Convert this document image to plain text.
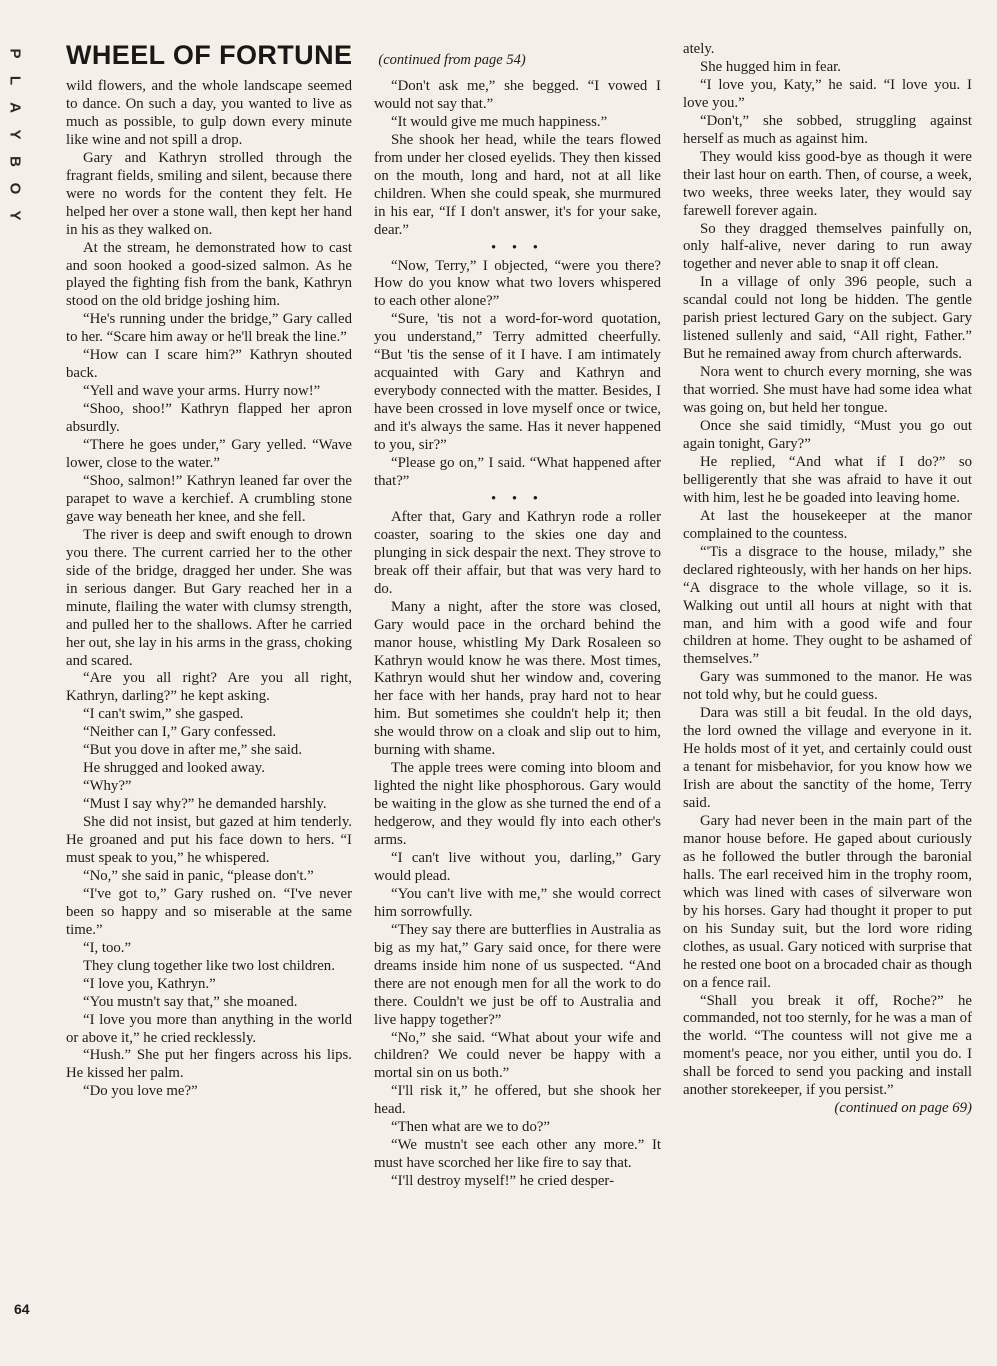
P
L
A
Y
B
O
Y
WHEEL OF FORTUNE (continued from page 54)

wild flowers, and the whole landscape seemed to dance. On such a day, you wanted to live as much as possible, to gulp down every minute like wine and not spill a drop.

Gary and Kathryn strolled through the fragrant fields, smiling and silent, because there were no words for the content they felt. He helped her over a stone wall, then kept her hand in his as they walked on.

At the stream, he demonstrated how to cast and soon hooked a good-sized salmon. As he played the fighting fish from the bank, Kathryn stood on the old bridge joshing him.

“He's running under the bridge,” Gary called to her. “Scare him away or he'll break the line.”

“How can I scare him?” Kathryn shouted back.

“Yell and wave your arms. Hurry now!”

“Shoo, shoo!” Kathryn flapped her apron absurdly.

“There he goes under,” Gary yelled. “Wave lower, close to the water.”

“Shoo, salmon!” Kathryn leaned far over the parapet to wave a kerchief. A crumbling stone gave way beneath her knee, and she fell.

The river is deep and swift enough to drown you there. The current carried her to the other side of the bridge, dragged her under. She was in serious danger. But Gary reached her in a minute, flailing the water with clumsy strength, and pulled her to the shallows. After he carried her out, she lay in his arms in the grass, choking and scared.

“Are you all right? Are you all right, Kathryn, darling?” he kept asking.

“I can't swim,” she gasped.

“Neither can I,” Gary confessed.

“But you dove in after me,” she said.

He shrugged and looked away.

“Why?”

“Must I say why?” he demanded harshly.

She did not insist, but gazed at him tenderly. He groaned and put his face down to hers. “I must speak to you,” he whispered.

“No,” she said in panic, “please don't.”

“I've got to,” Gary rushed on. “I've never been so happy and so miserable at the same time.”

“I, too.”

They clung together like two lost children.

“I love you, Kathryn.”

“You mustn't say that,” she moaned.

“I love you more than anything in the world or above it,” he cried recklessly.

“Hush.” She put her fingers across his lips. He kissed her palm.

“Do you love me?”

“Don't ask me,” she begged. “I vowed I would not say that.”

“It would give me much happiness.”

She shook her head, while the tears flowed from under her closed eyelids. They then kissed on the mouth, long and hard, not at all like children. When she could speak, she murmured in his ear, “If I don't answer, it's for your sake, dear.”

• • •

“Now, Terry,” I objected, “were you there? How do you know what two lovers whispered to each other alone?”

“Sure, 'tis not a word-for-word quotation, you understand,” Terry admitted cheerfully. “But 'tis the sense of it I have. I am intimately acquainted with Gary and Kathryn and everybody connected with the matter. Besides, I have been crossed in love myself once or twice, and it's always the same. Has it never happened to you, sir?”

“Please go on,” I said. “What happened after that?”

• • •

After that, Gary and Kathryn rode a roller coaster, soaring to the skies one day and plunging in sick despair the next. They strove to break off their affair, but that was very hard to do.

Many a night, after the store was closed, Gary would pace in the orchard behind the manor house, whistling My Dark Rosaleen so Kathryn would know he was there. Most times, Kathryn would shut her window and, covering her face with her hands, pray hard not to hear him. But sometimes she couldn't help it; then she would throw on a cloak and slip out to him, burning with shame.

The apple trees were coming into bloom and lighted the night like phosphorous. Gary would be waiting in the glow as she turned the end of a hedgerow, and they would fly into each other's arms.

“I can't live without you, darling,” Gary would plead.

“You can't live with me,” she would correct him sorrowfully.

“They say there are butterflies in Australia as big as my hat,” Gary said once, for there were dreams inside him none of us suspected. “And there are not enough men for all the work to do there. Couldn't we just be off to Australia and live happy together?”

“No,” she said. “What about your wife and children? We could never be happy with a mortal sin on us both.”

“I'll risk it,” he offered, but she shook her head.

“Then what are we to do?”

“We mustn't see each other any more.” It must have scorched her like fire to say that.

“I'll destroy myself!” he cried desper-

ately.

She hugged him in fear.

“I love you, Katy,” he said. “I love you. I love you.”

“Don't,” she sobbed, struggling against herself as much as against him.

They would kiss good-bye as though it were their last hour on earth. Then, of course, a week, two weeks, three weeks later, they would say farewell forever again.

So they dragged themselves painfully on, only half-alive, never daring to run away together and never able to snap it off clean.

In a village of only 396 people, such a scandal could not long be hidden. The gentle parish priest lectured Gary on the subject. Gary listened sullenly and said, “All right, Father.” But he remained away from church afterwards.

Nora went to church every morning, she was that worried. She must have had some idea what was going on, but held her tongue.

Once she said timidly, “Must you go out again tonight, Gary?”

He replied, “And what if I do?” so belligerently that she was afraid to have it out with him, lest he be goaded into leaving home.

At last the housekeeper at the manor complained to the countess.

“'Tis a disgrace to the house, milady,” she declared righteously, with her hands on her hips. “A disgrace to the whole village, so it is. Walking out until all hours at night with that man, and him with a good wife and four children at home. They ought to be ashamed of themselves.”

Gary was summoned to the manor. He was not told why, but he could guess.

Dara was still a bit feudal. In the old days, the lord owned the village and everyone in it. He holds most of it yet, and certainly could oust a tenant for misbehavior, for you know how we Irish are about the sanctity of the home, Terry said.

Gary had never been in the main part of the manor house before. He gaped about curiously as he followed the butler through the baronial halls. The earl received him in the trophy room, which was lined with cases of silverware won by his horses. Gary had thought it proper to put on his Sunday suit, but the lord wore riding clothes, as usual. Gary noticed with surprise that he rested one boot on a brocaded chair as though on a fence rail.

“Shall you break it off, Roche?” he commanded, not too sternly, for he was a man of the world. “The countess will not give me a moment's peace, nor you either, until you do. I shall be forced to send you packing and install another storekeeper, if you persist.”

(continued on page 69)

64
